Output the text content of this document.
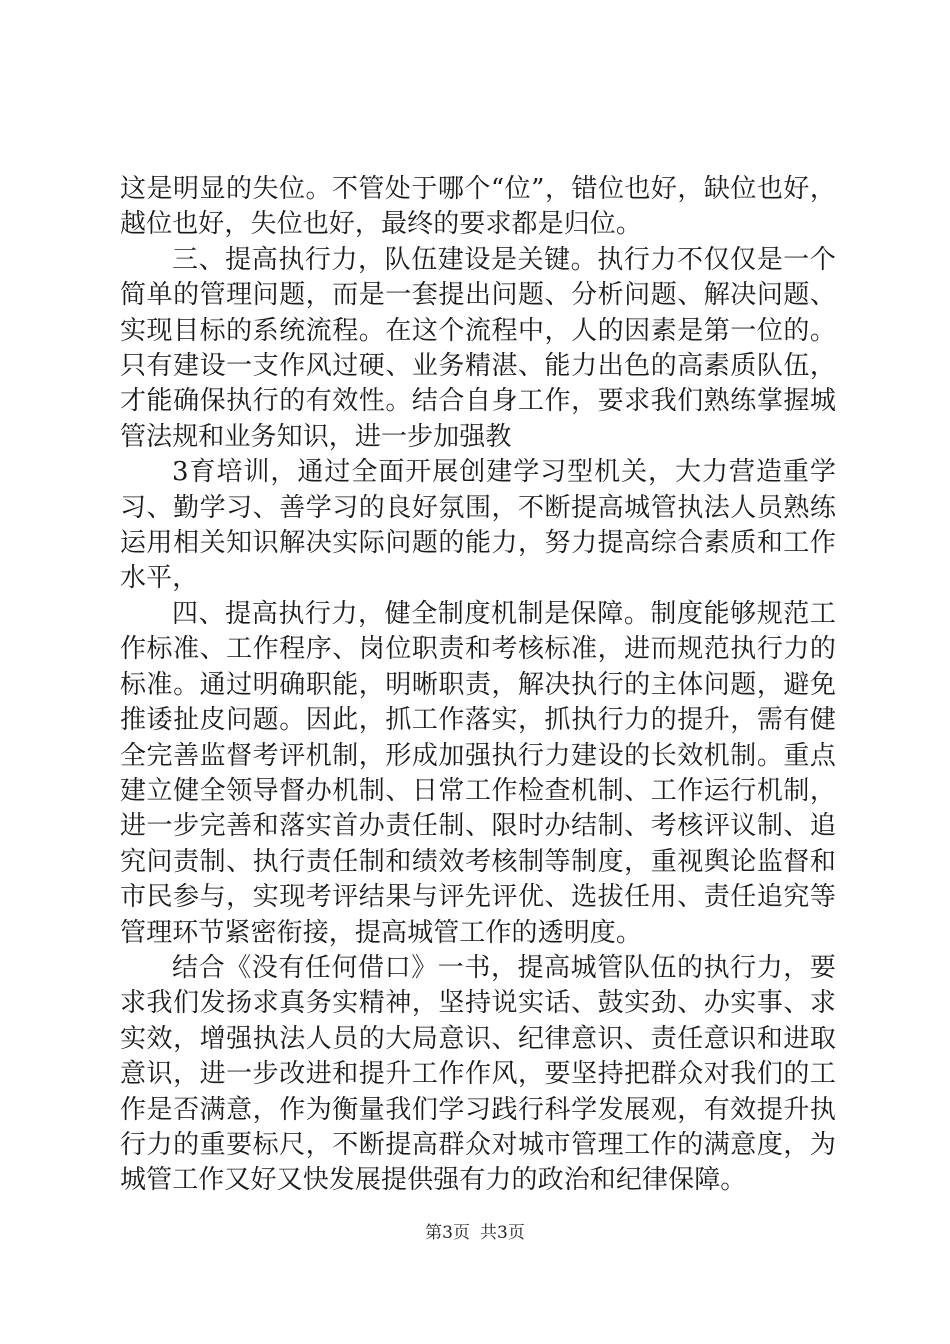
这是明显的失位。不管处于哪个“位”，错位也好，缺位也好，越位也好，失位也好，最终的要求都是归位。

三、提高执行力，队伍建设是关键。执行力不仅仅是一个简单的管理问题，而是一套提出问题、分析问题、解决问题、实现目标的系统流程。在这个流程中，人的因素是第一位的。只有建设一支作风过硬、业务精湛、能力出色的高素质队伍，才能确保执行的有效性。结合自身工作，要求我们熟练掌握城管法规和业务知识，进一步加强教

3育培训，通过全面开展创建学习型机关，大力营造重学习、勤学习、善学习的良好氛围，不断提高城管执法人员熟练运用相关知识解决实际问题的能力，努力提高综合素质和工作水平，

四、提高执行力，健全制度机制是保障。制度能够规范工作标准、工作程序、岗位职责和考核标准，进而规范执行力的标准。通过明确职能，明晰职责，解决执行的主体问题，避免推诿扯皮问题。因此，抓工作落实，抓执行力的提升，需有健全完善监督考评机制，形成加强执行力建设的长效机制。重点建立健全领导督办机制、日常工作检查机制、工作运行机制，进一步完善和落实首办责任制、限时办结制、考核评议制、追究问责制、执行责任制和绩效考核制等制度，重视舆论监督和市民参与，实现考评结果与评先评优、选拔任用、责任追究等管理环节紧密衔接，提高城管工作的透明度。

结合《没有任何借口》一书，提高城管队伍的执行力，要求我们发扬求真务实精神，坚持说实话、鼓实劲、办实事、求实效，增强执法人员的大局意识、纪律意识、责任意识和进取意识，进一步改进和提升工作作风，要坚持把群众对我们的工作是否满意，作为衡量我们学习践行科学发展观，有效提升执行力的重要标尺，不断提高群众对城市管理工作的满意度，为城管工作又好又快发展提供强有力的政治和纪律保障。

第3页 共3页
